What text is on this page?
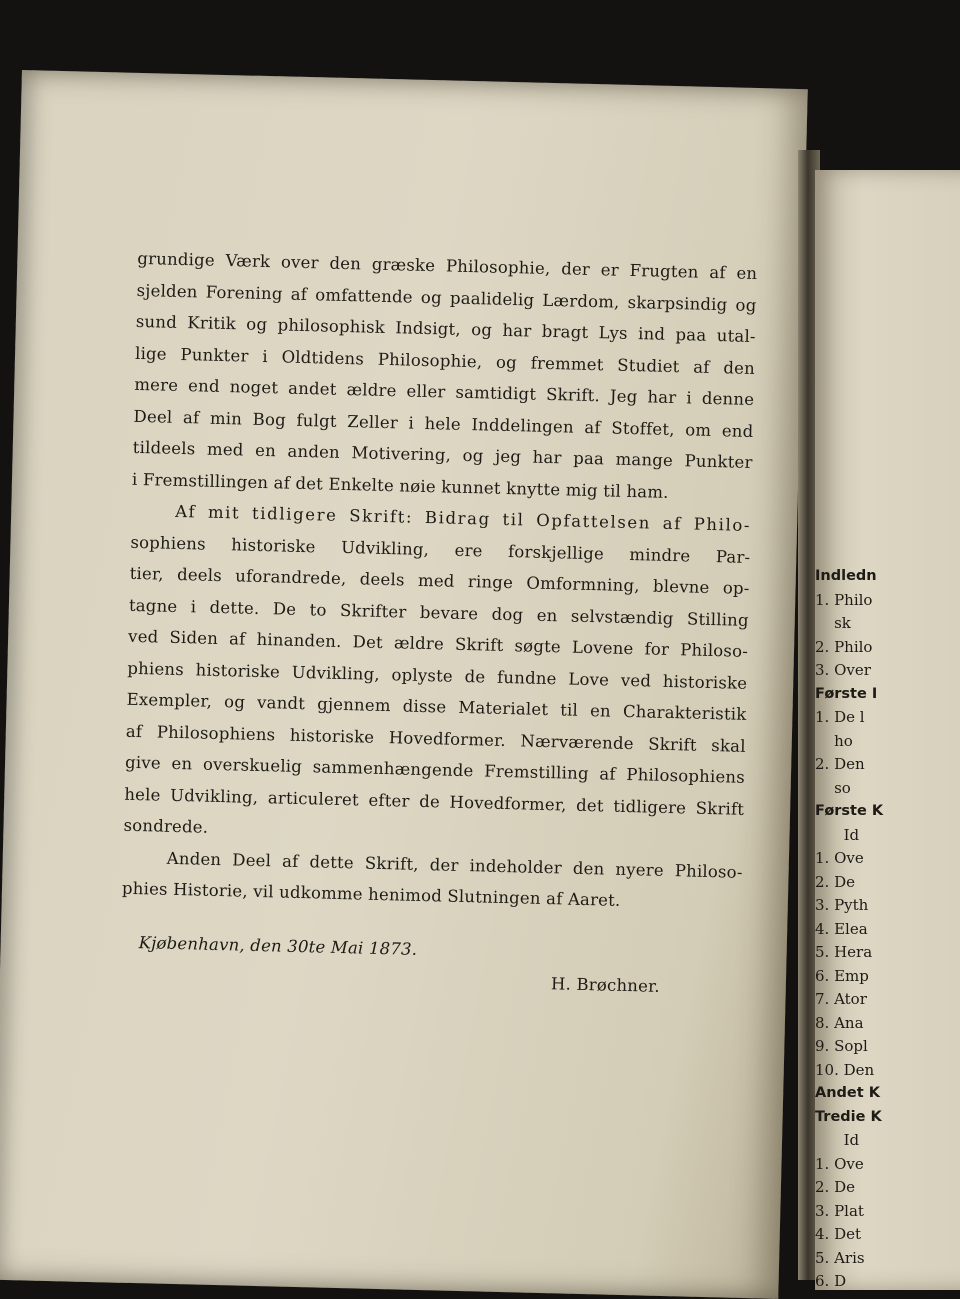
grundige Værk over den græske Philosophie, der er Frugten af en
sjelden Forening af omfattende og paalidelig Lærdom, skarpsindig og
sund Kritik og philosophisk Indsigt, og har bragt Lys ind paa utal-
lige Punkter i Oldtidens Philosophie, og fremmet Studiet af den
mere end noget andet ældre eller samtidigt Skrift. Jeg har i denne
Deel af min Bog fulgt Zeller i hele Inddelingen af Stoffet, om end
tildeels med en anden Motivering, og jeg har paa mange Punkter
i Fremstillingen af det Enkelte nøie kunnet knytte mig til ham.
Af mit tidligere Skrift: Bidrag til Opfattelsen af Philo-
sophiens historiske Udvikling, ere forskjellige mindre Par-
tier, deels uforandrede, deels med ringe Omformning, blevne op-
tagne i dette. De to Skrifter bevare dog en selvstændig Stilling
ved Siden af hinanden. Det ældre Skrift søgte Lovene for Philoso-
phiens historiske Udvikling, oplyste de fundne Love ved historiske
Exempler, og vandt gjennem disse Materialet til en Charakteristik
af Philosophiens historiske Hovedformer. Nærværende Skrift skal
give en overskuelig sammenhængende Fremstilling af Philosophiens
hele Udvikling, articuleret efter de Hovedformer, det tidligere Skrift
sondrede.
Anden Deel af dette Skrift, der indeholder den nyere Philoso-
phies Historie, vil udkomme henimod Slutningen af Aaret.
Kjøbenhavn, den 30te Mai 1873.
H. Brøchner.
Indledn
1. Philo
sk
2. Philo
3. Over
Første I
1. De l
ho
2. Den
so
Første K
Id
1. Ove
2. De
3. Pyth
4. Elea
5. Hera
6. Emp
7. Ator
8. Ana
9. Sopl
10. Den
Andet K
Tredie K
Id
1. Ove
2. De
3. Plat
4. Det
5. Aris
6. D
